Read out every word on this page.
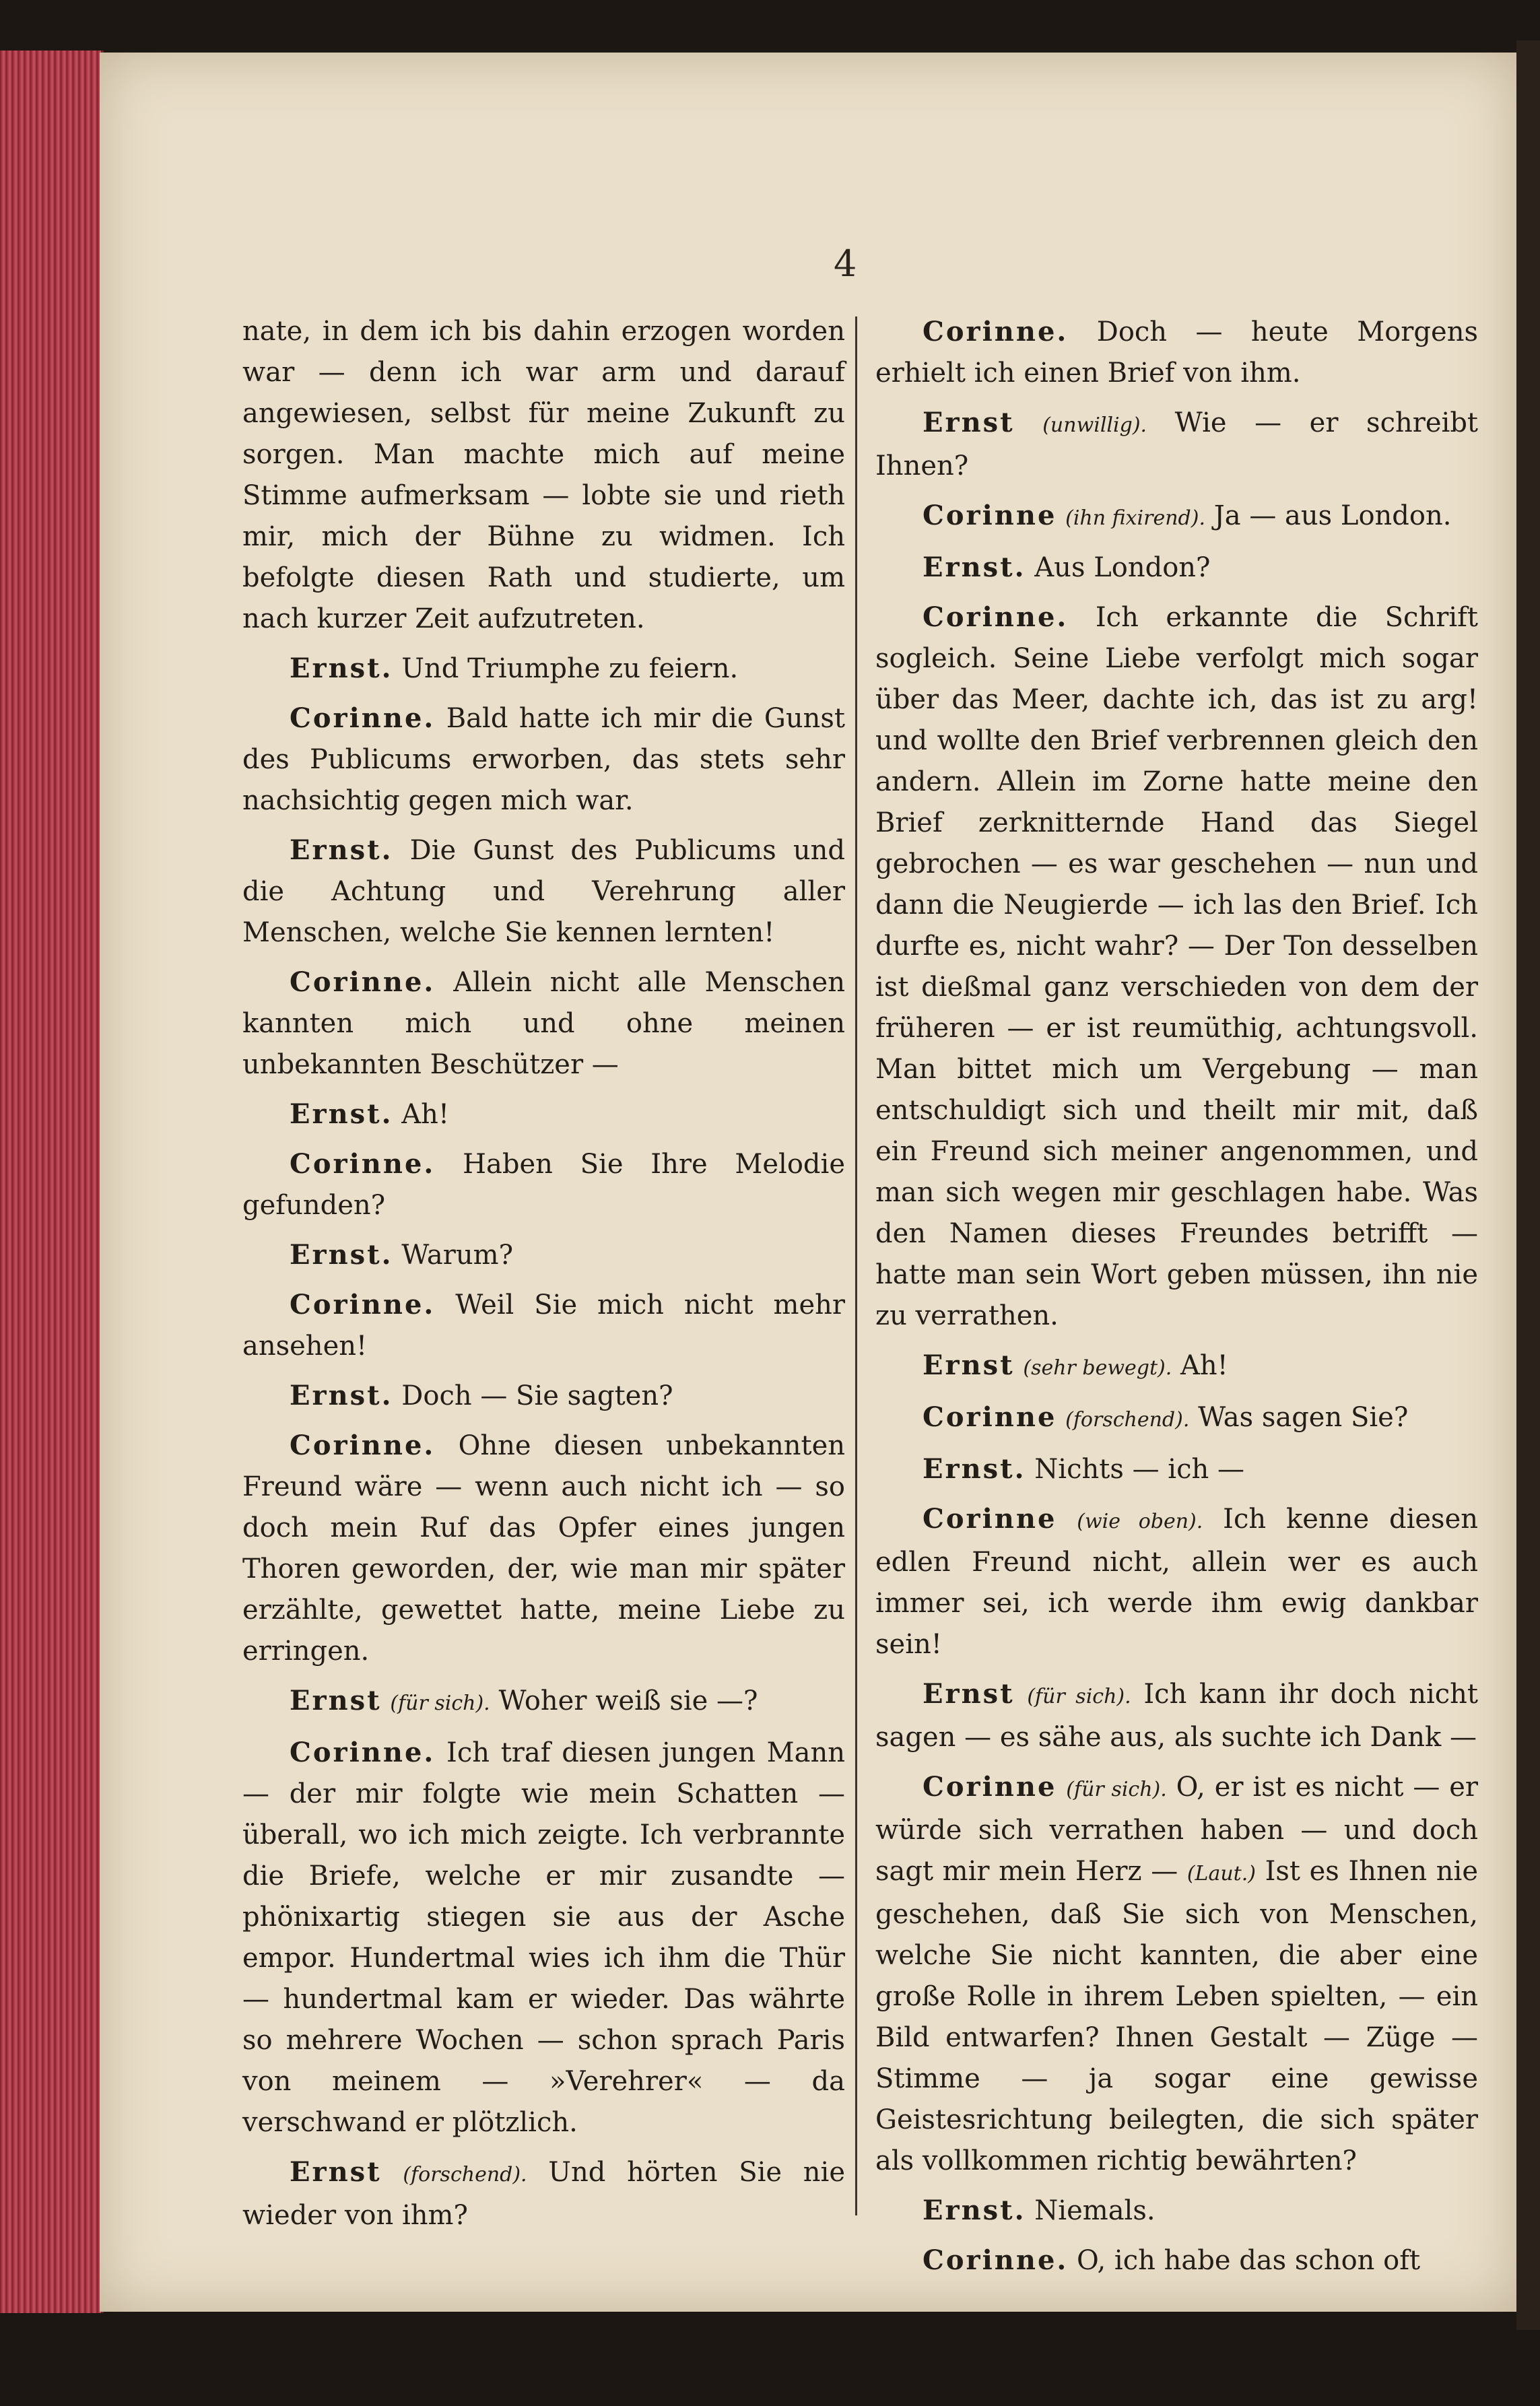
4

nate, in dem ich bis dahin erzogen worden war — denn ich war arm und darauf angewiesen, selbst für meine Zukunft zu sorgen. Man machte mich auf meine Stimme aufmerksam — lobte sie und rieth mir, mich der Bühne zu widmen. Ich befolgte diesen Rath und studierte, um nach kurzer Zeit aufzutreten.

Ernst. Und Triumphe zu feiern.

Corinne. Bald hatte ich mir die Gunst des Publicums erworben, das stets sehr nachsichtig gegen mich war.

Ernst. Die Gunst des Publicums und die Achtung und Verehrung aller Menschen, welche Sie kennen lernten!

Corinne. Allein nicht alle Menschen kannten mich und ohne meinen unbekannten Beschützer —

Ernst. Ah!

Corinne. Haben Sie Ihre Melodie gefunden?

Ernst. Warum?

Corinne. Weil Sie mich nicht mehr ansehen!

Ernst. Doch — Sie sagten?

Corinne. Ohne diesen unbekannten Freund wäre — wenn auch nicht ich — so doch mein Ruf das Opfer eines jungen Thoren geworden, der, wie man mir später erzählte, gewettet hatte, meine Liebe zu erringen.

Ernst (für sich). Woher weiß sie —?

Corinne. Ich traf diesen jungen Mann — der mir folgte wie mein Schatten — überall, wo ich mich zeigte. Ich verbrannte die Briefe, welche er mir zusandte — phönixartig stiegen sie aus der Asche empor. Hundertmal wies ich ihm die Thür — hundertmal kam er wieder. Das währte so mehrere Wochen — schon sprach Paris von meinem — »Verehrer« — da verschwand er plötzlich.

Ernst (forschend). Und hörten Sie nie wieder von ihm?

Corinne. Doch — heute Morgens erhielt ich einen Brief von ihm.

Ernst (unwillig). Wie — er schreibt Ihnen?

Corinne (ihn fixirend). Ja — aus London.

Ernst. Aus London?

Corinne. Ich erkannte die Schrift sogleich. Seine Liebe verfolgt mich sogar über das Meer, dachte ich, das ist zu arg! und wollte den Brief verbrennen gleich den andern. Allein im Zorne hatte meine den Brief zerknitternde Hand das Siegel gebrochen — es war geschehen — nun und dann die Neugierde — ich las den Brief. Ich durfte es, nicht wahr? — Der Ton desselben ist dießmal ganz verschieden von dem der früheren — er ist reumüthig, achtungsvoll. Man bittet mich um Vergebung — man entschuldigt sich und theilt mir mit, daß ein Freund sich meiner angenommen, und man sich wegen mir geschlagen habe. Was den Namen dieses Freundes betrifft — hatte man sein Wort geben müssen, ihn nie zu verrathen.

Ernst (sehr bewegt). Ah!

Corinne (forschend). Was sagen Sie?

Ernst. Nichts — ich —

Corinne (wie oben). Ich kenne diesen edlen Freund nicht, allein wer es auch immer sei, ich werde ihm ewig dankbar sein!

Ernst (für sich). Ich kann ihr doch nicht sagen — es sähe aus, als suchte ich Dank —

Corinne (für sich). O, er ist es nicht — er würde sich verrathen haben — und doch sagt mir mein Herz — (Laut.) Ist es Ihnen nie geschehen, daß Sie sich von Menschen, welche Sie nicht kannten, die aber eine große Rolle in ihrem Leben spielten, — ein Bild entwarfen? Ihnen Gestalt — Züge — Stimme — ja sogar eine gewisse Geistesrichtung beilegten, die sich später als vollkommen richtig bewährten?

Ernst. Niemals.

Corinne. O, ich habe das schon oft
